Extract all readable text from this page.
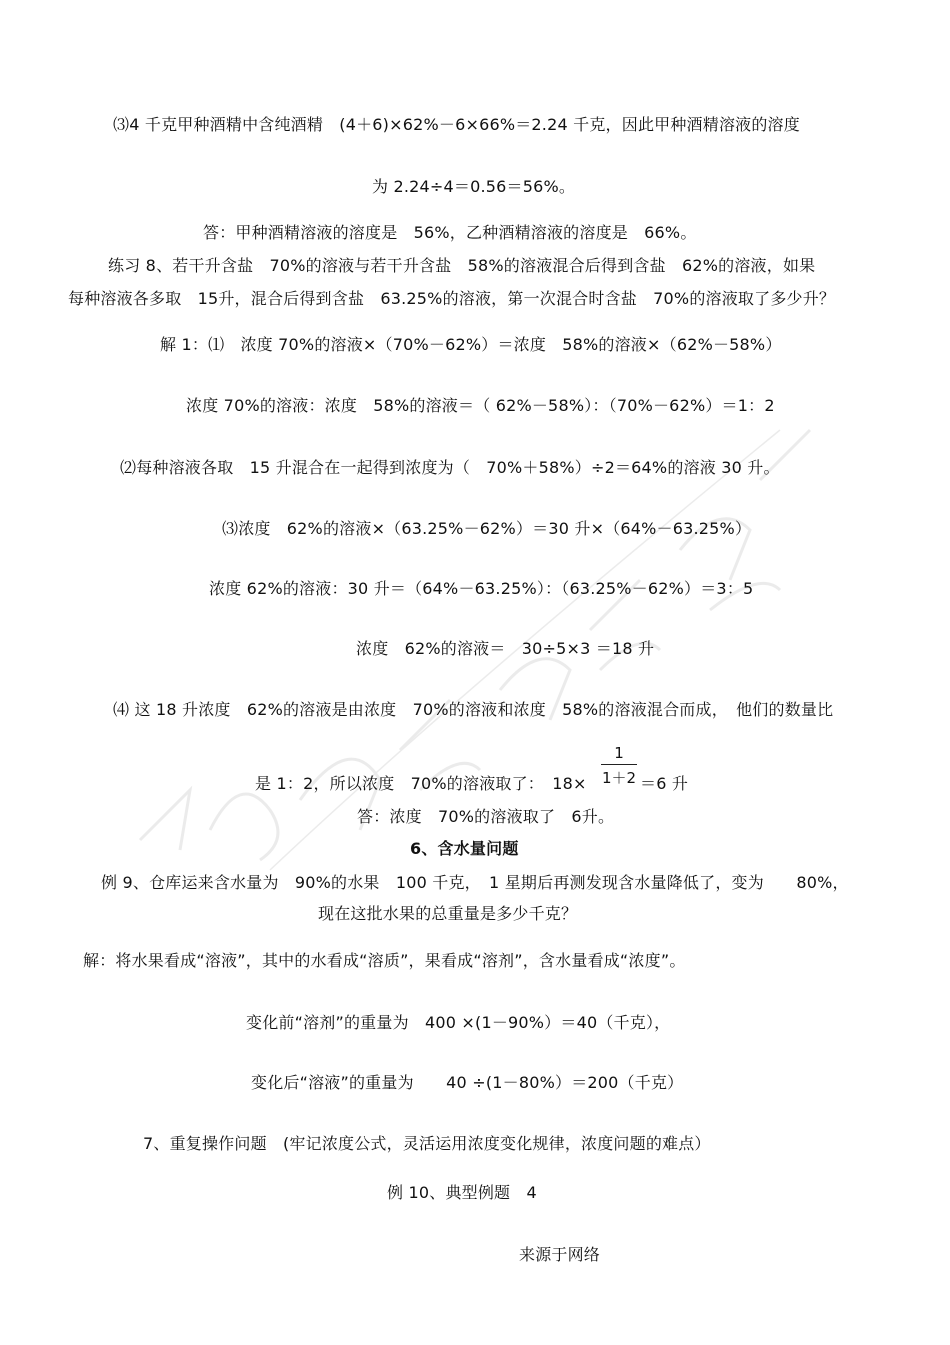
⑶4 千克甲种酒精中含纯酒精　(4＋6)×62%－6×66%＝2.24 千克，因此甲种酒精溶液的溶度
为 2.24÷4＝0.56＝56%。
答：甲种酒精溶液的溶度是　56%，乙种酒精溶液的溶度是　66%。
练习 8、若干升含盐　70%的溶液与若干升含盐　58%的溶液混合后得到含盐　62%的溶液，如果
每种溶液各多取　15升，混合后得到含盐　63.25%的溶液，第一次混合时含盐　70%的溶液取了多少升？
解 1：⑴　浓度 70%的溶液×（70%－62%）＝浓度　58%的溶液×（62%－58%）
浓度 70%的溶液：浓度　58%的溶液＝（ 62%－58%）：（70%－62%）＝1：2
⑵每种溶液各取　15 升混合在一起得到浓度为（　70%＋58%）÷2＝64%的溶液 30 升。
⑶浓度　62%的溶液×（63.25%－62%）＝30 升×（64%－63.25%）
浓度 62%的溶液：30 升＝（64%－63.25%）：（63.25%－62%）＝3：5
浓度　62%的溶液＝　30÷5×3 ＝18 升
⑷ 这 18 升浓度　62%的溶液是由浓度　70%的溶液和浓度　58%的溶液混合而成，　他们的数量比
是 1：2，所以浓度　70%的溶液取了：　18×
1
1＋2 ＝6 升
答：浓度　70%的溶液取了　6升。
6、含水量问题
例 9、仓库运来含水量为　90%的水果　100 千克，　1 星期后再测发现含水量降低了，变为　　80%，
现在这批水果的总重量是多少千克？
解：将水果看成“溶液”，其中的水看成“溶质”，果看成“溶剂”，含水量看成“浓度”。
变化前“溶剂”的重量为　400 ×(1－90%）＝40（千克），
变化后“溶液”的重量为　　40 ÷(1－80%）＝200（千克）
7、重复操作问题　(牢记浓度公式，灵活运用浓度变化规律，浓度问题的难点）
例 10、典型例题　4
来源于网络
